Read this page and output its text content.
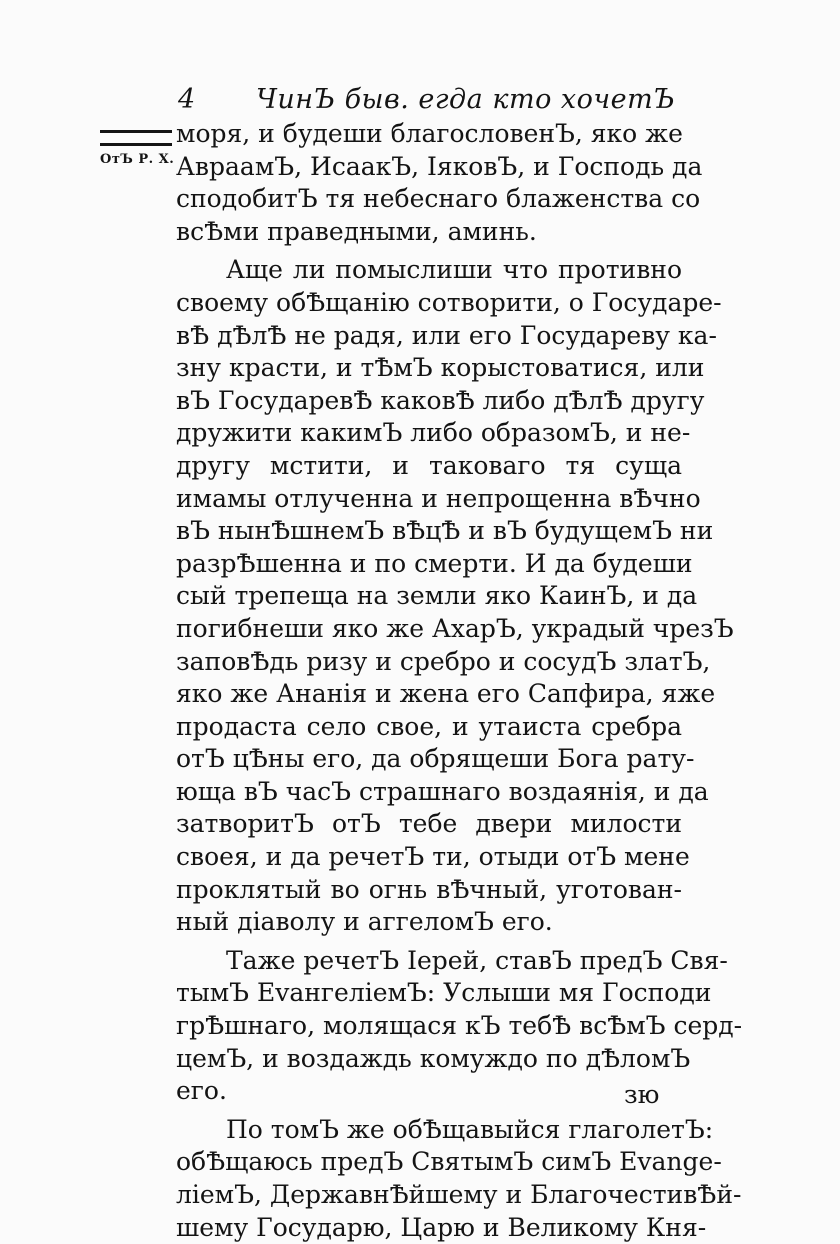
4 ЧинЪ быв. егда кто хочетЪ
ОтЪ Р. Х.
моря, и будеши благословенЪ, яко же
АвраамЪ, ИсаакЪ, ІяковЪ, и Господь да
сподобитЪ тя небеснаго блаженства со
всѢми праведными, аминь.
Аще ли помыслиши что противно
своему обѢщанію сотворити, о Государе-
вѢ дѢлѢ не радя, или его Государеву ка-
зну красти, и тѢмЪ корыстоватися, или
вЪ ГосударевѢ каковѢ либо дѢлѢ другу
дружити какимЪ либо образомЪ, и не-
другу мстити, и таковаго тя суща
имамы отлученна и непрощенна вѢчно
вЪ нынѢшнемЪ вѢцѢ и вЪ будущемЪ ни
разрѢшенна и по смерти. И да будеши
сый трепеща на земли яко КаинЪ, и да
погибнеши яко же АхарЪ, украдый чрезЪ
заповѢдь ризу и сребро и сосудЪ златЪ,
яко же Ананія и жена его Сапфира, яже
продаста село свое, и утаиста сребра
отЪ цѢны его, да обрящеши Бога рату-
юща вЪ часЪ страшнаго воздаянія, и да
затворитЪ отЪ тебе двери милости
своея, и да речетЪ ти, отыди отЪ мене
проклятый во огнь вѢчный, уготован-
ный діаволу и аггеломЪ его.
Таже речетЪ Іерей, ставЪ предЪ Свя-
тымЪ ЕvангеліемЪ: Услыши мя Господи
грѢшнаго, молящася кЪ тебѢ всѢмЪ серд-
цемЪ, и воздаждь комуждо по дѢломЪ
его.
По томЪ же обѢщавыйся глаголетЪ:
обѢщаюсь предЪ СвятымЪ симЪ Еvange-
ліемЪ, ДержавнѢйшему и БлагочестивѢй-
шему Государю, Царю и Великому Кня-
зю
